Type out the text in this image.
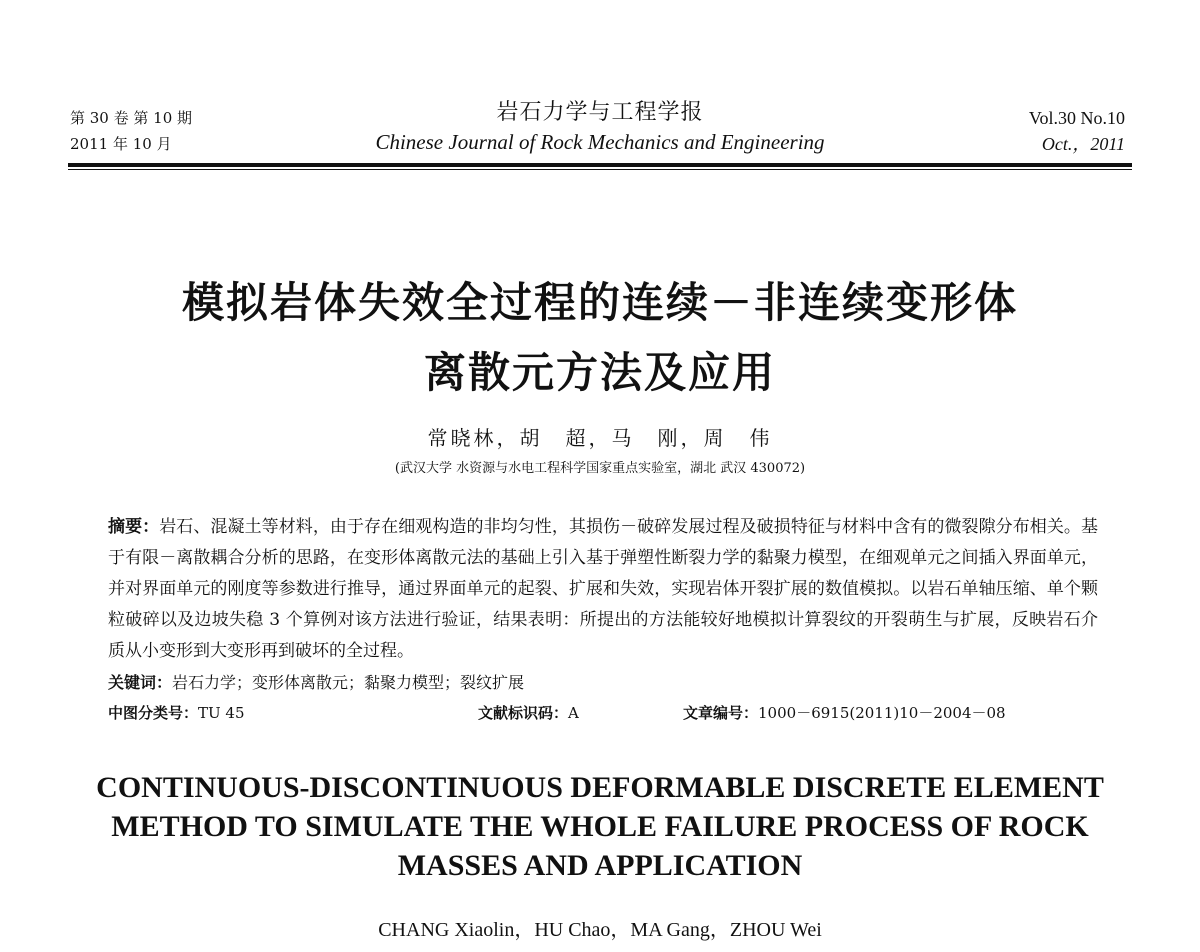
第 30 卷 第 10 期
2011 年 10 月
岩石力学与工程学报
Chinese Journal of Rock Mechanics and Engineering
Vol.30 No.10
Oct.，2011
模拟岩体失效全过程的连续－非连续变形体
离散元方法及应用
常晓林，胡　超，马　刚，周　伟
(武汉大学 水资源与水电工程科学国家重点实验室，湖北 武汉 430072)
摘要：岩石、混凝土等材料，由于存在细观构造的非均匀性，其损伤－破碎发展过程及破损特征与材料中含有的微裂隙分布相关。基于有限－离散耦合分析的思路，在变形体离散元法的基础上引入基于弹塑性断裂力学的黏聚力模型，在细观单元之间插入界面单元，并对界面单元的刚度等参数进行推导，通过界面单元的起裂、扩展和失效，实现岩体开裂扩展的数值模拟。以岩石单轴压缩、单个颗粒破碎以及边坡失稳 3 个算例对该方法进行验证，结果表明：所提出的方法能较好地模拟计算裂纹的开裂萌生与扩展，反映岩石介质从小变形到大变形再到破坏的全过程。
关键词：岩石力学；变形体离散元；黏聚力模型；裂纹扩展
中图分类号：TU 45	文献标识码：A	文章编号：1000－6915(2011)10－2004－08
CONTINUOUS-DISCONTINUOUS DEFORMABLE DISCRETE ELEMENT METHOD TO SIMULATE THE WHOLE FAILURE PROCESS OF ROCK MASSES AND APPLICATION
CHANG Xiaolin，HU Chao，MA Gang，ZHOU Wei
